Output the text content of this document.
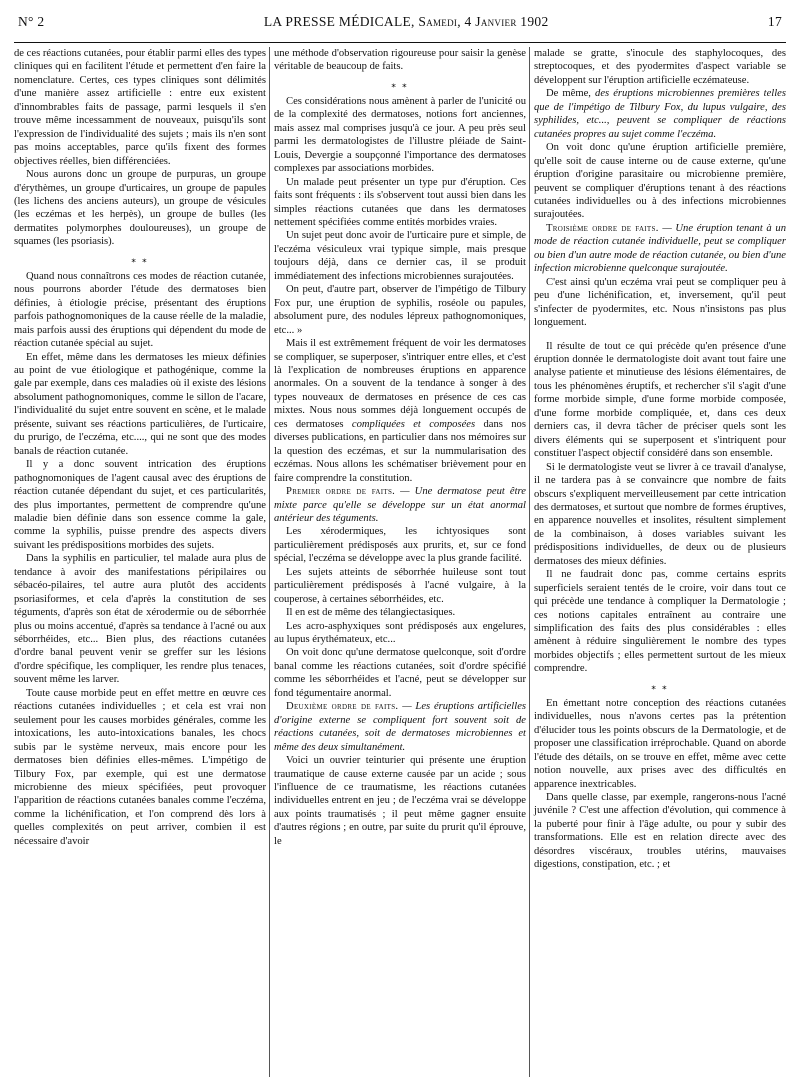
N° 2	LA PRESSE MÉDICALE, Samedi, 4 Janvier 1902	17

de ces réactions cutanées, pour établir parmi elles des types cliniques qui en facilitent l'étude et permettent d'en faire la nomenclature. Certes, ces types cliniques sont délimités d'une manière assez artificielle : entre eux existent d'innombrables faits de passage, parmi lesquels il s'en trouve même incessamment de nouveaux, puisqu'ils sont l'expression de l'individualité des sujets ; mais ils n'en sont pas moins acceptables, parce qu'ils fixent des formes objectives réelles, bien différenciées.

Nous aurons donc un groupe de purpuras, un groupe d'érythèmes, un groupe d'urticaires, un groupe de papules (les lichens des anciens auteurs), un groupe de vésicules (les eczémas et les herpès), un groupe de bulles (les dermatites polymorphes douloureuses), un groupe de squames (les psoriasis).

⁎ ⁎

Quand nous connaîtrons ces modes de réaction cutanée, nous pourrons aborder l'étude des dermatoses bien définies, à étiologie précise, présentant des éruptions parfois pathognomoniques de la cause réelle de la maladie, mais parfois aussi des éruptions qui dépendent du mode de réaction cutanée spécial au sujet.

En effet, même dans les dermatoses les mieux définies au point de vue étiologique et pathogénique, comme la gale par exemple, dans ces maladies où il existe des lésions absolument pathognomoniques, comme le sillon de l'acare, l'individualité du sujet entre souvent en scène, et le malade présente, suivant ses réactions particulières, de l'urticaire, du prurigo, de l'eczéma, etc...., qui ne sont que des modes banals de réaction cutanée.

Il y a donc souvent intrication des éruptions pathognomoniques de l'agent causal avec des éruptions de réaction cutanée dépendant du sujet, et ces particularités, des plus importantes, permettent de comprendre qu'une maladie bien définie dans son essence comme la gale, comme la syphilis, puisse prendre des aspects divers suivant les prédispositions morbides des sujets.

Dans la syphilis en particulier, tel malade aura plus de tendance à avoir des manifestations péripilaires ou sébacéo-pilaires, tel autre aura plutôt des accidents psoriasiformes, et cela d'après la constitution de ses téguments, d'après son état de xérodermie ou de séborrhée plus ou moins accentué, d'après sa tendance à l'acné ou aux séborrhéides, etc... Bien plus, des réactions cutanées d'ordre banal peuvent venir se greffer sur les lésions d'ordre spécifique, les compliquer, les rendre plus tenaces, souvent même les larver.

Toute cause morbide peut en effet mettre en œuvre ces réactions cutanées individuelles ; et cela est vrai non seulement pour les causes morbides générales, comme les intoxications, les auto-intoxications banales, les chocs subis par le système nerveux, mais encore pour les dermatoses bien définies elles-mêmes. L'impétigo de Tilbury Fox, par exemple, qui est une dermatose microbienne des mieux spécifiées, peut provoquer l'apparition de réactions cutanées banales comme l'eczéma, comme la lichénification, et l'on comprend dès lors à quelles complexités on peut arriver, combien il est nécessaire d'avoir

une méthode d'observation rigoureuse pour saisir la genèse véritable de beaucoup de faits.

⁎ ⁎

Ces considérations nous amènent à parler de l'unicité ou de la complexité des dermatoses, notions fort anciennes, mais assez mal comprises jusqu'à ce jour. A peu près seul parmi les dermatologistes de l'illustre pléiade de Saint-Louis, Devergie a soupçonné l'importance des dermatoses complexes par associations morbides.

Un malade peut présenter un type pur d'éruption. Ces faits sont fréquents : ils s'observent tout aussi bien dans les simples réactions cutanées que dans les dermatoses nettement spécifiées comme entités morbides vraies.

Un sujet peut donc avoir de l'urticaire pure et simple, de l'eczéma vésiculeux vrai typique simple, mais presque toujours déjà, dans ce dernier cas, il se produit immédiatement des infections microbiennes surajoutées.

On peut, d'autre part, observer de l'impétigo de Tilbury Fox pur, une éruption de syphilis, roséole ou papules, absolument pure, des nodules lépreux pathognomoniques, etc... »

Mais il est extrêmement fréquent de voir les dermatoses se compliquer, se superposer, s'intriquer entre elles, et c'est là l'explication de nombreuses éruptions en apparence anormales. On a souvent de la tendance à songer à des types nouveaux de dermatoses en présence de ces cas mixtes. Nous nous sommes déjà longuement occupés de ces dermatoses compliquées et composées dans nos diverses publications, en particulier dans nos mémoires sur la question des eczémas, et sur la nummularisation des eczémas. Nous allons les schématiser brièvement pour en faire comprendre la constitution.

Premier ordre de faits. — Une dermatose peut être mixte parce qu'elle se développe sur un état anormal antérieur des téguments.

Les xérodermiques, les ichtyosiques sont particulièrement prédisposés aux prurits, et, sur ce fond spécial, l'eczéma se développe avec la plus grande facilité.

Les sujets atteints de séborrhée huileuse sont tout particulièrement prédisposés à l'acné vulgaire, à la couperose, à certaines séborrhéides, etc.

Il en est de même des télangiectasiques.

Les acro-asphyxiques sont prédisposés aux engelures, au lupus érythémateux, etc...

On voit donc qu'une dermatose quelconque, soit d'ordre banal comme les réactions cutanées, soit d'ordre spécifié comme les séborrhéides et l'acné, peut se développer sur fond tégumentaire anormal.

Deuxième ordre de faits. — Les éruptions artificielles d'origine externe se compliquent fort souvent soit de réactions cutanées, soit de dermatoses microbiennes et même des deux simultanément.

Voici un ouvrier teinturier qui présente une éruption traumatique de cause externe causée par un acide ; sous l'influence de ce traumatisme, les réactions cutanées individuelles entrent en jeu ; de l'eczéma vrai se développe aux points traumatisés ; il peut même gagner ensuite d'autres régions ; en outre, par suite du prurit qu'il éprouve, le

malade se gratte, s'inocule des staphylocoques, des streptocoques, et des pyodermites d'aspect variable se développent sur l'éruption artificielle eczémateuse.

De même, des éruptions microbiennes premières telles que de l'impétigo de Tilbury Fox, du lupus vulgaire, des syphilides, etc..., peuvent se compliquer de réactions cutanées propres au sujet comme l'eczéma.

On voit donc qu'une éruption artificielle première, qu'elle soit de cause interne ou de cause externe, qu'une éruption d'origine parasitaire ou microbienne première, peuvent se compliquer d'éruptions tenant à des réactions cutanées individuelles ou à des infections microbiennes surajoutées.

Troisième ordre de faits. — Une éruption tenant à un mode de réaction cutanée individuelle, peut se compliquer ou bien d'un autre mode de réaction cutanée, ou bien d'une infection microbienne quelconque surajoutée.

C'est ainsi qu'un eczéma vrai peut se compliquer peu à peu d'une lichénification, et, inversement, qu'il peut s'infecter de pyodermites, etc. Nous n'insistons pas plus longuement.

Il résulte de tout ce qui précède qu'en présence d'une éruption donnée le dermatologiste doit avant tout faire une analyse patiente et minutieuse des lésions élémentaires, de tous les phénomènes éruptifs, et rechercher s'il s'agit d'une forme morbide simple, d'une forme morbide composée, d'une forme morbide compliquée, et, dans ces deux derniers cas, il devra tâcher de préciser quels sont les divers éléments qui se superposent et s'intriquent pour constituer l'aspect objectif considéré dans son ensemble.

Si le dermatologiste veut se livrer à ce travail d'analyse, il ne tardera pas à se convaincre que nombre de faits obscurs s'expliquent merveilleusement par cette intrication des dermatoses, et surtout que nombre de formes éruptives, en apparence nouvelles et insolites, résultent simplement de la combinaison, à doses variables suivant les prédispositions individuelles, de deux ou de plusieurs dermatoses des mieux définies.

Il ne faudrait donc pas, comme certains esprits superficiels seraient tentés de le croire, voir dans tout ce qui précède une tendance à compliquer la Dermatologie ; ces notions capitales entraînent au contraire une simplification des faits des plus considérables : elles amènent à réduire singulièrement le nombre des types morbides objectifs ; elles permettent surtout de les mieux comprendre.

⁎ ⁎

En émettant notre conception des réactions cutanées individuelles, nous n'avons certes pas la prétention d'élucider tous les points obscurs de la Dermatologie, et de proposer une classification irréprochable. Quand on aborde l'étude des détails, on se trouve en effet, même avec cette notion nouvelle, aux prises avec des difficultés en apparence inextricables.

Dans quelle classe, par exemple, rangerons-nous l'acné juvénile ? C'est une affection d'évolution, qui commence à la puberté pour finir à l'âge adulte, ou pour y subir des transformations. Elle est en relation directe avec des désordres viscéraux, troubles utérins, mauvaises digestions, constipation, etc. ; et
